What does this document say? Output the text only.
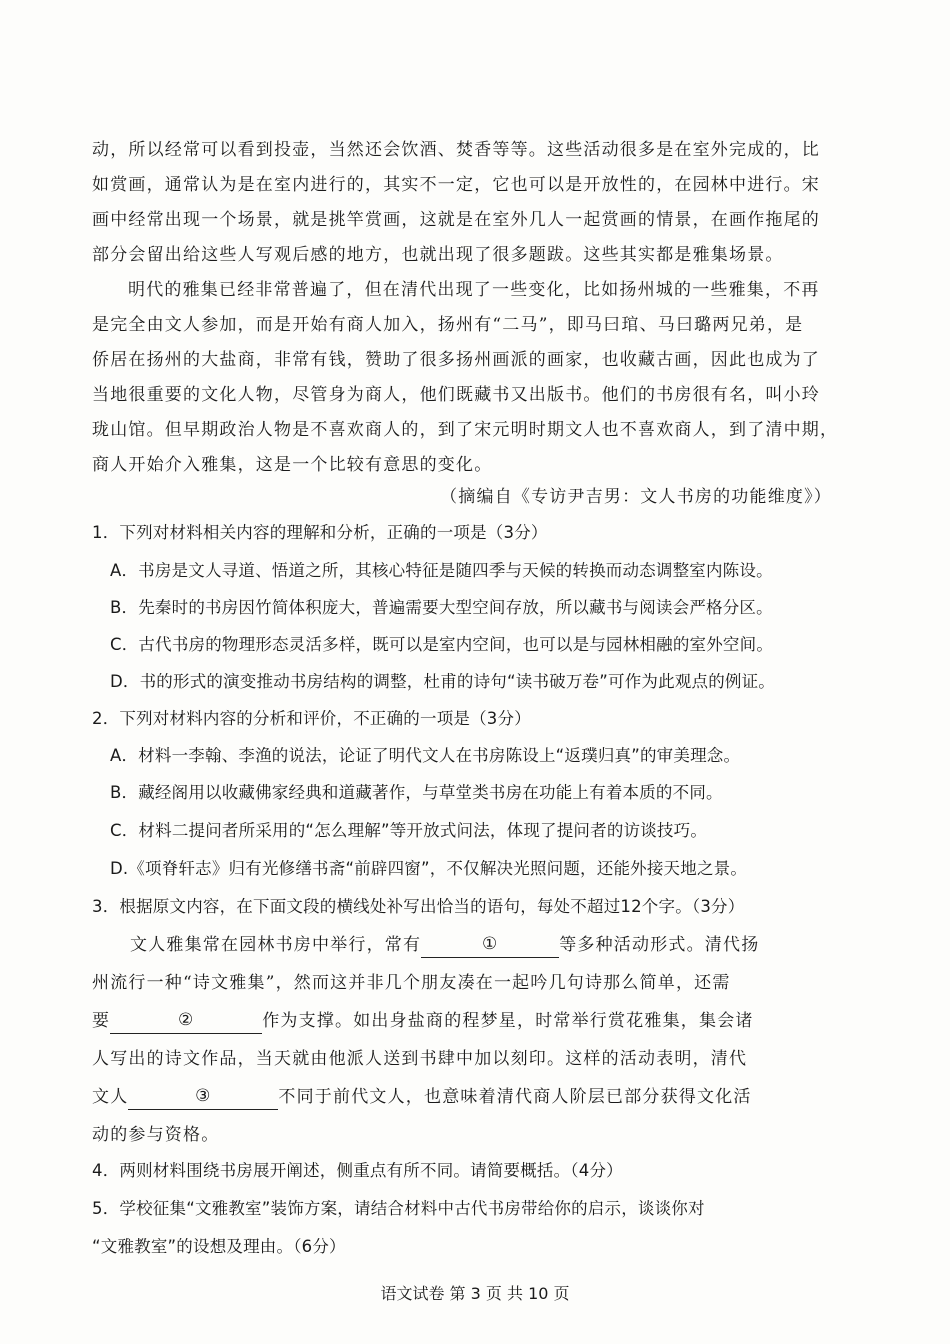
动，所以经常可以看到投壶，当然还会饮酒、焚香等等。这些活动很多是在室外完成的，比
如赏画，通常认为是在室内进行的，其实不一定，它也可以是开放性的，在园林中进行。宋
画中经常出现一个场景，就是挑竿赏画，这就是在室外几人一起赏画的情景，在画作拖尾的
部分会留出给这些人写观后感的地方，也就出现了很多题跋。这些其实都是雅集场景。
明代的雅集已经非常普遍了，但在清代出现了一些变化，比如扬州城的一些雅集，不再
是完全由文人参加，而是开始有商人加入，扬州有“二马”，即马曰琯、马曰璐两兄弟，是
侨居在扬州的大盐商，非常有钱，赞助了很多扬州画派的画家，也收藏古画，因此也成为了
当地很重要的文化人物，尽管身为商人，他们既藏书又出版书。他们的书房很有名，叫小玲
珑山馆。但早期政治人物是不喜欢商人的，到了宋元明时期文人也不喜欢商人，到了清中期，
商人开始介入雅集，这是一个比较有意思的变化。
（摘编自《专访尹吉男：文人书房的功能维度》）
1．下列对材料相关内容的理解和分析，正确的一项是（3分）
A．书房是文人寻道、悟道之所，其核心特征是随四季与天候的转换而动态调整室内陈设。
B．先秦时的书房因竹简体积庞大，普遍需要大型空间存放，所以藏书与阅读会严格分区。
C．古代书房的物理形态灵活多样，既可以是室内空间，也可以是与园林相融的室外空间。
D．书的形式的演变推动书房结构的调整，杜甫的诗句“读书破万卷”可作为此观点的例证。
2．下列对材料内容的分析和评价，不正确的一项是（3分）
A．材料一李翰、李渔的说法，论证了明代文人在书房陈设上“返璞归真”的审美理念。
B．藏经阁用以收藏佛家经典和道藏著作，与草堂类书房在功能上有着本质的不同。
C．材料二提问者所采用的“怎么理解”等开放式问法，体现了提问者的访谈技巧。
D.《项脊轩志》归有光修缮书斋“前辟四窗”，不仅解决光照问题，还能外接天地之景。
3．根据原文内容，在下面文段的横线处补写出恰当的语句，每处不超过12个字。（3分）
文人雅集常在园林书房中举行，常有	①	等多种活动形式。清代扬
州流行一种“诗文雅集”，然而这并非几个朋友凑在一起吟几句诗那么简单，还需
要	②	作为支撑。如出身盐商的程梦星，时常举行赏花雅集，集会诸
人写出的诗文作品，当天就由他派人送到书肆中加以刻印。这样的活动表明，清代
文人	③	不同于前代文人，也意味着清代商人阶层已部分获得文化活
动的参与资格。
4．两则材料围绕书房展开阐述，侧重点有所不同。请简要概括。（4分）
5．学校征集“文雅教室”装饰方案，请结合材料中古代书房带给你的启示，谈谈你对
“文雅教室”的设想及理由。（6分）
语文试卷 第 3 页 共 10 页
